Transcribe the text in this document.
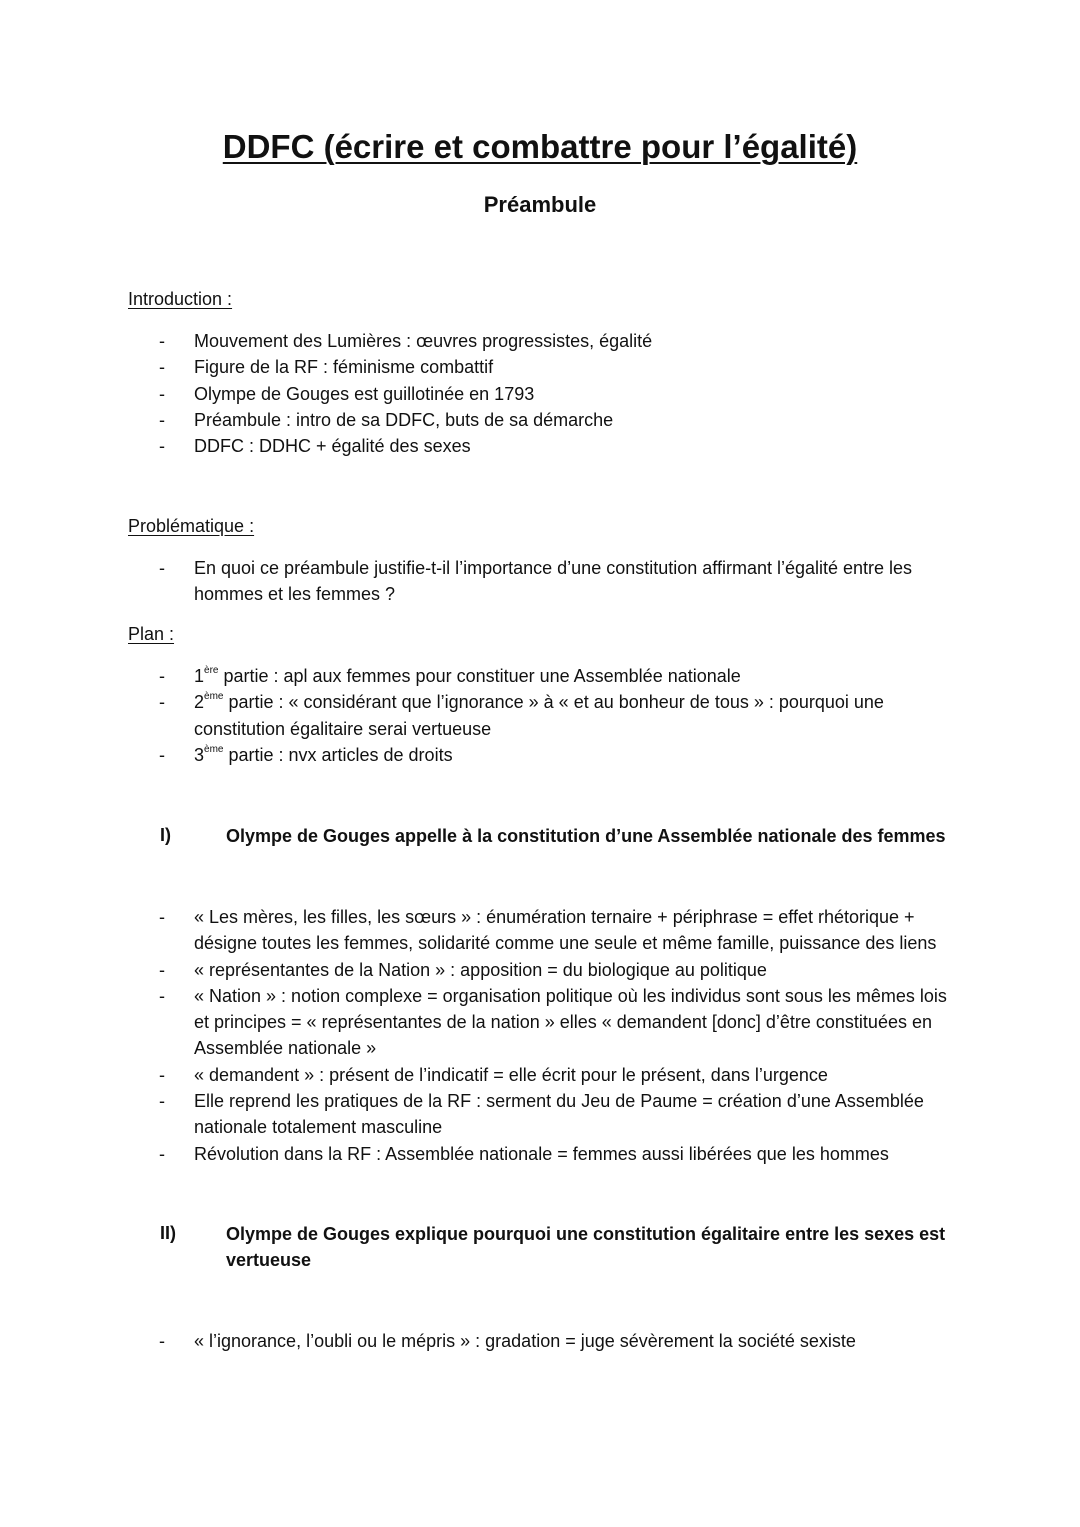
DDFC (écrire et combattre pour l’égalité)
Préambule
Introduction :
- Mouvement des Lumières : œuvres progressistes, égalité
- Figure de la RF : féminisme combattif
- Olympe de Gouges est guillotinée en 1793
- Préambule : intro de sa DDFC, buts de sa démarche
- DDFC : DDHC + égalité des sexes
Problématique :
- En quoi ce préambule justifie-t-il l’importance d’une constitution affirmant l’égalité entre les hommes et les femmes ?
Plan :
- 1ère partie : apl aux femmes pour constituer une Assemblée nationale
- 2ème partie : « considérant que l’ignorance » à « et au bonheur de tous » : pourquoi une constitution égalitaire serai vertueuse
- 3ème partie : nvx articles de droits
I)	Olympe de Gouges appelle à la constitution d’une Assemblée nationale des femmes
- « Les mères, les filles, les sœurs » : énumération ternaire + périphrase = effet rhétorique + désigne toutes les femmes, solidarité comme une seule et même famille, puissance des liens
- « représentantes de la Nation » : apposition = du biologique au politique
- « Nation » : notion complexe = organisation politique où les individus sont sous les mêmes lois et principes = « représentantes de la nation » elles « demandent [donc] d’être constituées en Assemblée nationale »
- « demandent » : présent de l’indicatif = elle écrit pour le présent, dans l’urgence
- Elle reprend les pratiques de la RF : serment du Jeu de Paume = création d’une Assemblée nationale totalement masculine
- Révolution dans la RF : Assemblée nationale = femmes aussi libérées que les hommes
II)	Olympe de Gouges explique pourquoi une constitution égalitaire entre les sexes est vertueuse
- « l’ignorance, l’oubli ou le mépris » : gradation = juge sévèrement la société sexiste
